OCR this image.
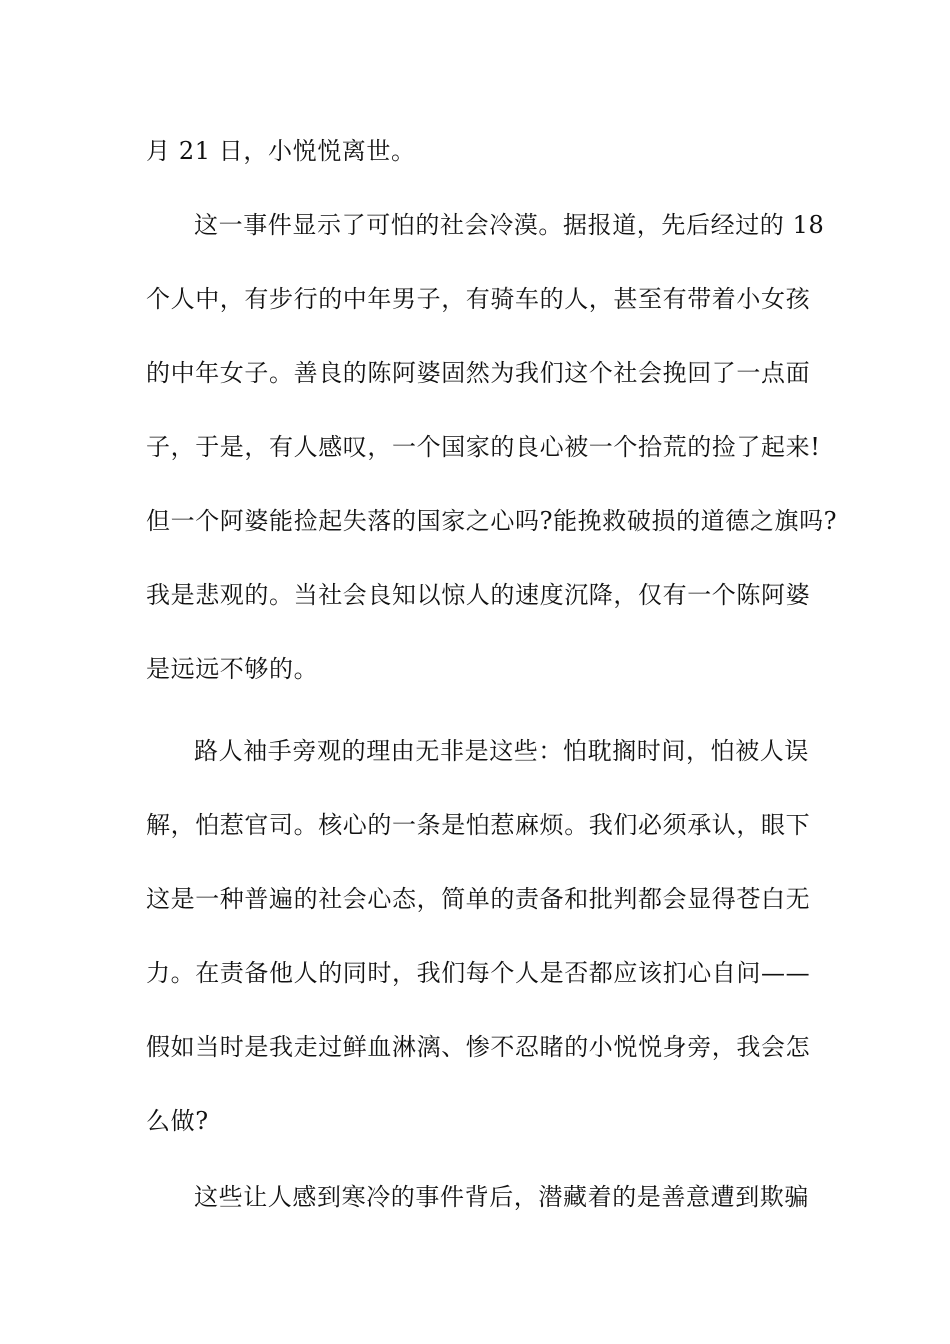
月 21 日，小悦悦离世。
这一事件显示了可怕的社会冷漠。据报道，先后经过的 18
个人中，有步行的中年男子，有骑车的人，甚至有带着小女孩
的中年女子。善良的陈阿婆固然为我们这个社会挽回了一点面
子，于是，有人感叹，一个国家的良心被一个拾荒的捡了起来!
但一个阿婆能捡起失落的国家之心吗?能挽救破损的道德之旗吗?
我是悲观的。当社会良知以惊人的速度沉降，仅有一个陈阿婆
是远远不够的。
路人袖手旁观的理由无非是这些：怕耽搁时间，怕被人误
解，怕惹官司。核心的一条是怕惹麻烦。我们必须承认，眼下
这是一种普遍的社会心态，简单的责备和批判都会显得苍白无
力。在责备他人的同时，我们每个人是否都应该扪心自问——
假如当时是我走过鲜血淋漓、惨不忍睹的小悦悦身旁，我会怎
么做?
这些让人感到寒冷的事件背后，潜藏着的是善意遭到欺骗
